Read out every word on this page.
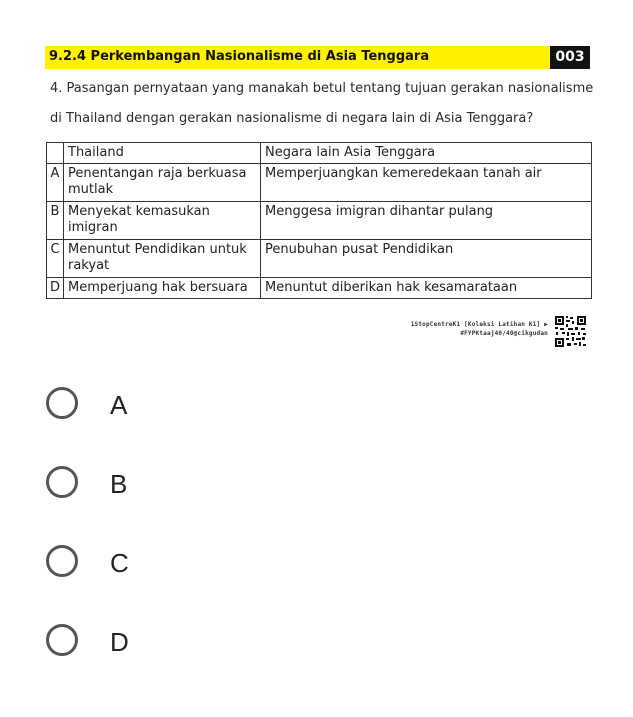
9.2.4 Perkembangan Nasionalisme di Asia Tenggara	003
4. Pasangan pernyataan yang manakah betul tentang tujuan gerakan nasionalisme
di Thailand dengan gerakan nasionalisme di negara lain di Asia Tenggara?
	Thailand	Negara lain Asia Tenggara
A	Penentangan raja berkuasa mutlak	Memperjuangkan kemeredekaan tanah air
B	Menyekat kemasukan imigran	Menggesa imigran dihantar pulang
C	Menuntut Pendidikan untuk rakyat	Penubuhan pusat Pendidikan
D	Memperjuang hak bersuara	Menuntut diberikan hak kesamarataan
1StopCentreK1 [Koleksi Latihan K1] ▶
#FYPKtaaj40/40@cikgudan
A
B
C
D
